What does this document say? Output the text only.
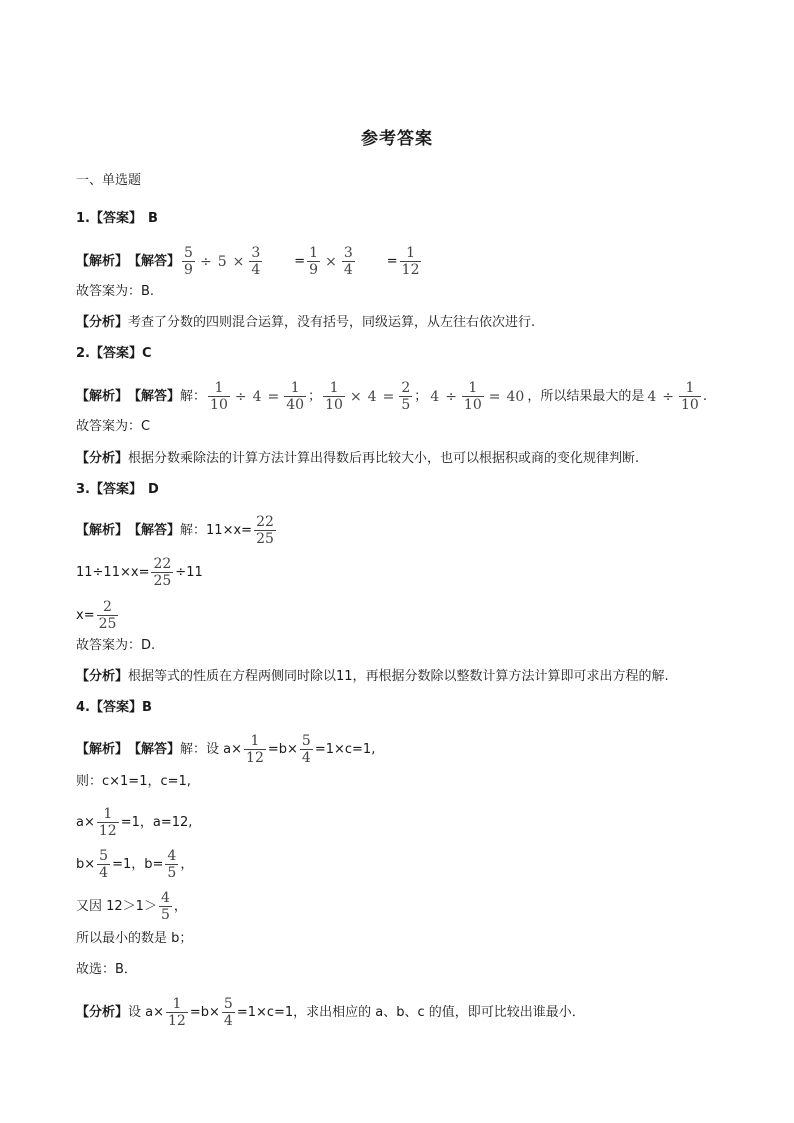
参考答案
一、单选题
1. 【答案】 B
【解析】 【解答】 $\frac{5}{9} \div 5 \times \frac{3}{4} = \frac{1}{9} \times \frac{3}{4} = \frac{1}{12}$
故答案为：B.
【分析】 考查了分数的四则混合运算，没有括号，同级运算，从左往右依次进行.
2. 【答案】 C
【解析】 【解答】 解： $\frac{1}{10} \div 4 = \frac{1}{40}$ ； $\frac{1}{10} \times 4 = \frac{2}{5}$ ； $4 \div \frac{1}{10} = 40$ ，所以结果最大的是 $4 \div \frac{1}{10}$ .
故答案为：C
【分析】 根据分数乘除法的计算方法计算出得数后再比较大小，也可以根据积或商的变化规律判断.
3. 【答案】 D
【解析】 【解答】 解：$11\times x= \frac{22}{25}$
$11\div 11\times x= \frac{22}{25} \div 11$
$x= \frac{2}{25}$
故答案为：D.
【分析】 根据等式的性质在方程两侧同时除以11，再根据分数除以整数计算方法计算即可求出方程的解.
4. 【答案】 B
【解析】 【解答】 解：设 $a\times \frac{1}{12} =b\times \frac{5}{4} =1\times c=1$,
则：c×1=1，c=1,
$a\times \frac{1}{12} =1$，a=12,
$b\times \frac{5}{4} =1$，$b= \frac{4}{5}$ ，
又因 $12>1> \frac{4}{5}$ ，
所以最小的数是 b；
故选：B．
【分析】 设 $a\times \frac{1}{12} =b\times \frac{5}{4} =1\times c=1$，求出相应的 a、b、c 的值，即可比较出谁最小．
